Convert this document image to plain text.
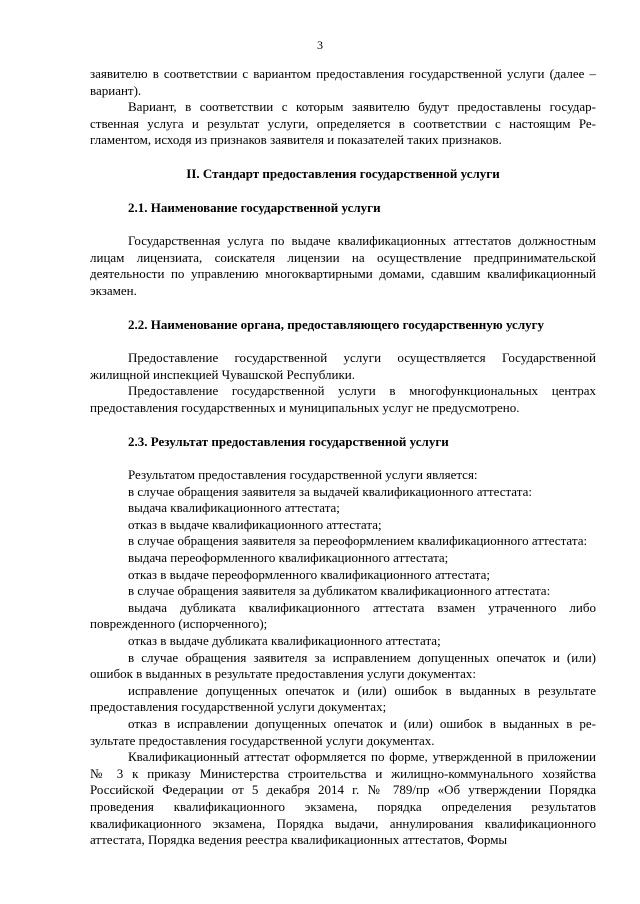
3
заявителю в соответствии с вариантом предоставления государственной услуги (далее – вариант).
Вариант, в соответствии с которым заявителю будут предоставлены государственная услуга и результат услуги, определяется в соответствии с настоящим Регламентом, исходя из признаков заявителя и показателей таких признаков.
II. Стандарт предоставления государственной услуги
2.1. Наименование государственной услуги
Государственная услуга по выдаче квалификационных аттестатов должностным лицам лицензиата, соискателя лицензии на осуществление предпринимательской деятельности по управлению многоквартирными домами, сдавшим квалификационный экзамен.
2.2. Наименование органа, предоставляющего государственную услугу
Предоставление государственной услуги осуществляется Государственной жилищной инспекцией Чувашской Республики.
Предоставление государственной услуги в многофункциональных центрах предоставления государственных и муниципальных услуг не предусмотрено.
2.3. Результат предоставления государственной услуги
Результатом предоставления государственной услуги является:
в случае обращения заявителя за выдачей квалификационного аттестата:
выдача квалификационного аттестата;
отказ в выдаче квалификационного аттестата;
в случае обращения заявителя за переоформлением квалификационного аттестата:
выдача переоформленного квалификационного аттестата;
отказ в выдаче переоформленного квалификационного аттестата;
в случае обращения заявителя за дубликатом квалификационного аттестата:
выдача дубликата квалификационного аттестата взамен утраченного либо поврежденного (испорченного);
отказ в выдаче дубликата квалификационного аттестата;
в случае обращения заявителя за исправлением допущенных опечаток и (или) ошибок в выданных в результате предоставления услуги документах:
исправление допущенных опечаток и (или) ошибок в выданных в результате предоставления государственной услуги документах;
отказ в исправлении допущенных опечаток и (или) ошибок в выданных в результате предоставления государственной услуги документах.
Квалификационный аттестат оформляется по форме, утвержденной в приложении № 3 к приказу Министерства строительства и жилищно-коммунального хозяйства Российской Федерации от 5 декабря 2014 г. № 789/пр «Об утверждении Порядка проведения квалификационного экзамена, порядка определения результатов квалификационного экзамена, Порядка выдачи, аннулирования квалификационного аттестата, Порядка ведения реестра квалификационных аттестатов, Формы
